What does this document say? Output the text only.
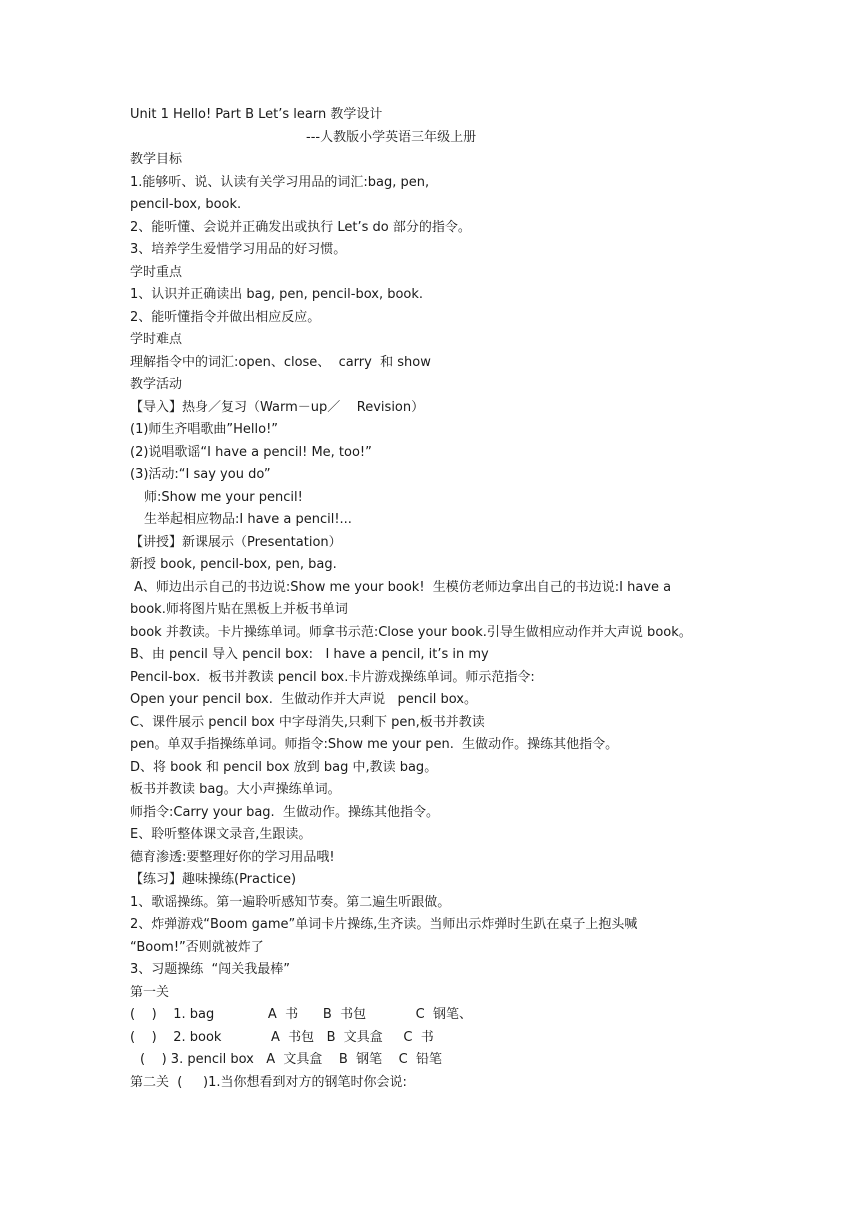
Unit 1 Hello! Part B Let’s learn 教学设计
---人教版小学英语三年级上册
教学目标
1.能够听、说、认读有关学习用品的词汇:bag, pen,
pencil-box, book.
2、能听懂、会说并正确发出或执行 Let’s do 部分的指令。
3、培养学生爱惜学习用品的好习惯。
学时重点
1、认识并正确读出 bag, pen, pencil-box, book.
2、能听懂指令并做出相应反应。
学时难点
理解指令中的词汇:open、close、  carry  和 show
教学活动
【导入】热身／复习（Warm－up／    Revision）
(1)师生齐唱歌曲”Hello!”
(2)说唱歌谣“I have a pencil! Me, too!”
(3)活动:“I say you do”
师:Show me your pencil!
生举起相应物品:I have a pencil!...
【讲授】新课展示（Presentation）
新授 book, pencil-box, pen, bag.
A、师边出示自己的书边说:Show me your book!  生模仿老师边拿出自己的书边说:I have a
book.师将图片贴在黑板上并板书单词
book 并教读。卡片操练单词。师拿书示范:Close your book.引导生做相应动作并大声说 book。
B、由 pencil 导入 pencil box:   I have a pencil, it’s in my
Pencil-box.  板书并教读 pencil box.卡片游戏操练单词。师示范指令:
Open your pencil box.  生做动作并大声说   pencil box。
C、课件展示 pencil box 中字母消失,只剩下 pen,板书并教读
pen。单双手指操练单词。师指令:Show me your pen.  生做动作。操练其他指令。
D、将 book 和 pencil box 放到 bag 中,教读 bag。
板书并教读 bag。大小声操练单词。
师指令:Carry your bag.  生做动作。操练其他指令。
E、聆听整体课文录音,生跟读。
德育渗透:要整理好你的学习用品哦!
【练习】趣味操练(Practice)
1、歌谣操练。第一遍聆听感知节奏。第二遍生听跟做。
2、炸弹游戏“Boom game”单词卡片操练,生齐读。当师出示炸弹时生趴在桌子上抱头喊
“Boom!”否则就被炸了
3、习题操练  “闯关我最棒”
第一关
(    )    1. bag             A  书      B  书包            C  钢笔、
(    )    2. book            A  书包   B  文具盒     C  书
(    ) 3. pencil box   A  文具盒    B  钢笔    C  铅笔
第二关  (     )1.当你想看到对方的钢笔时你会说:
